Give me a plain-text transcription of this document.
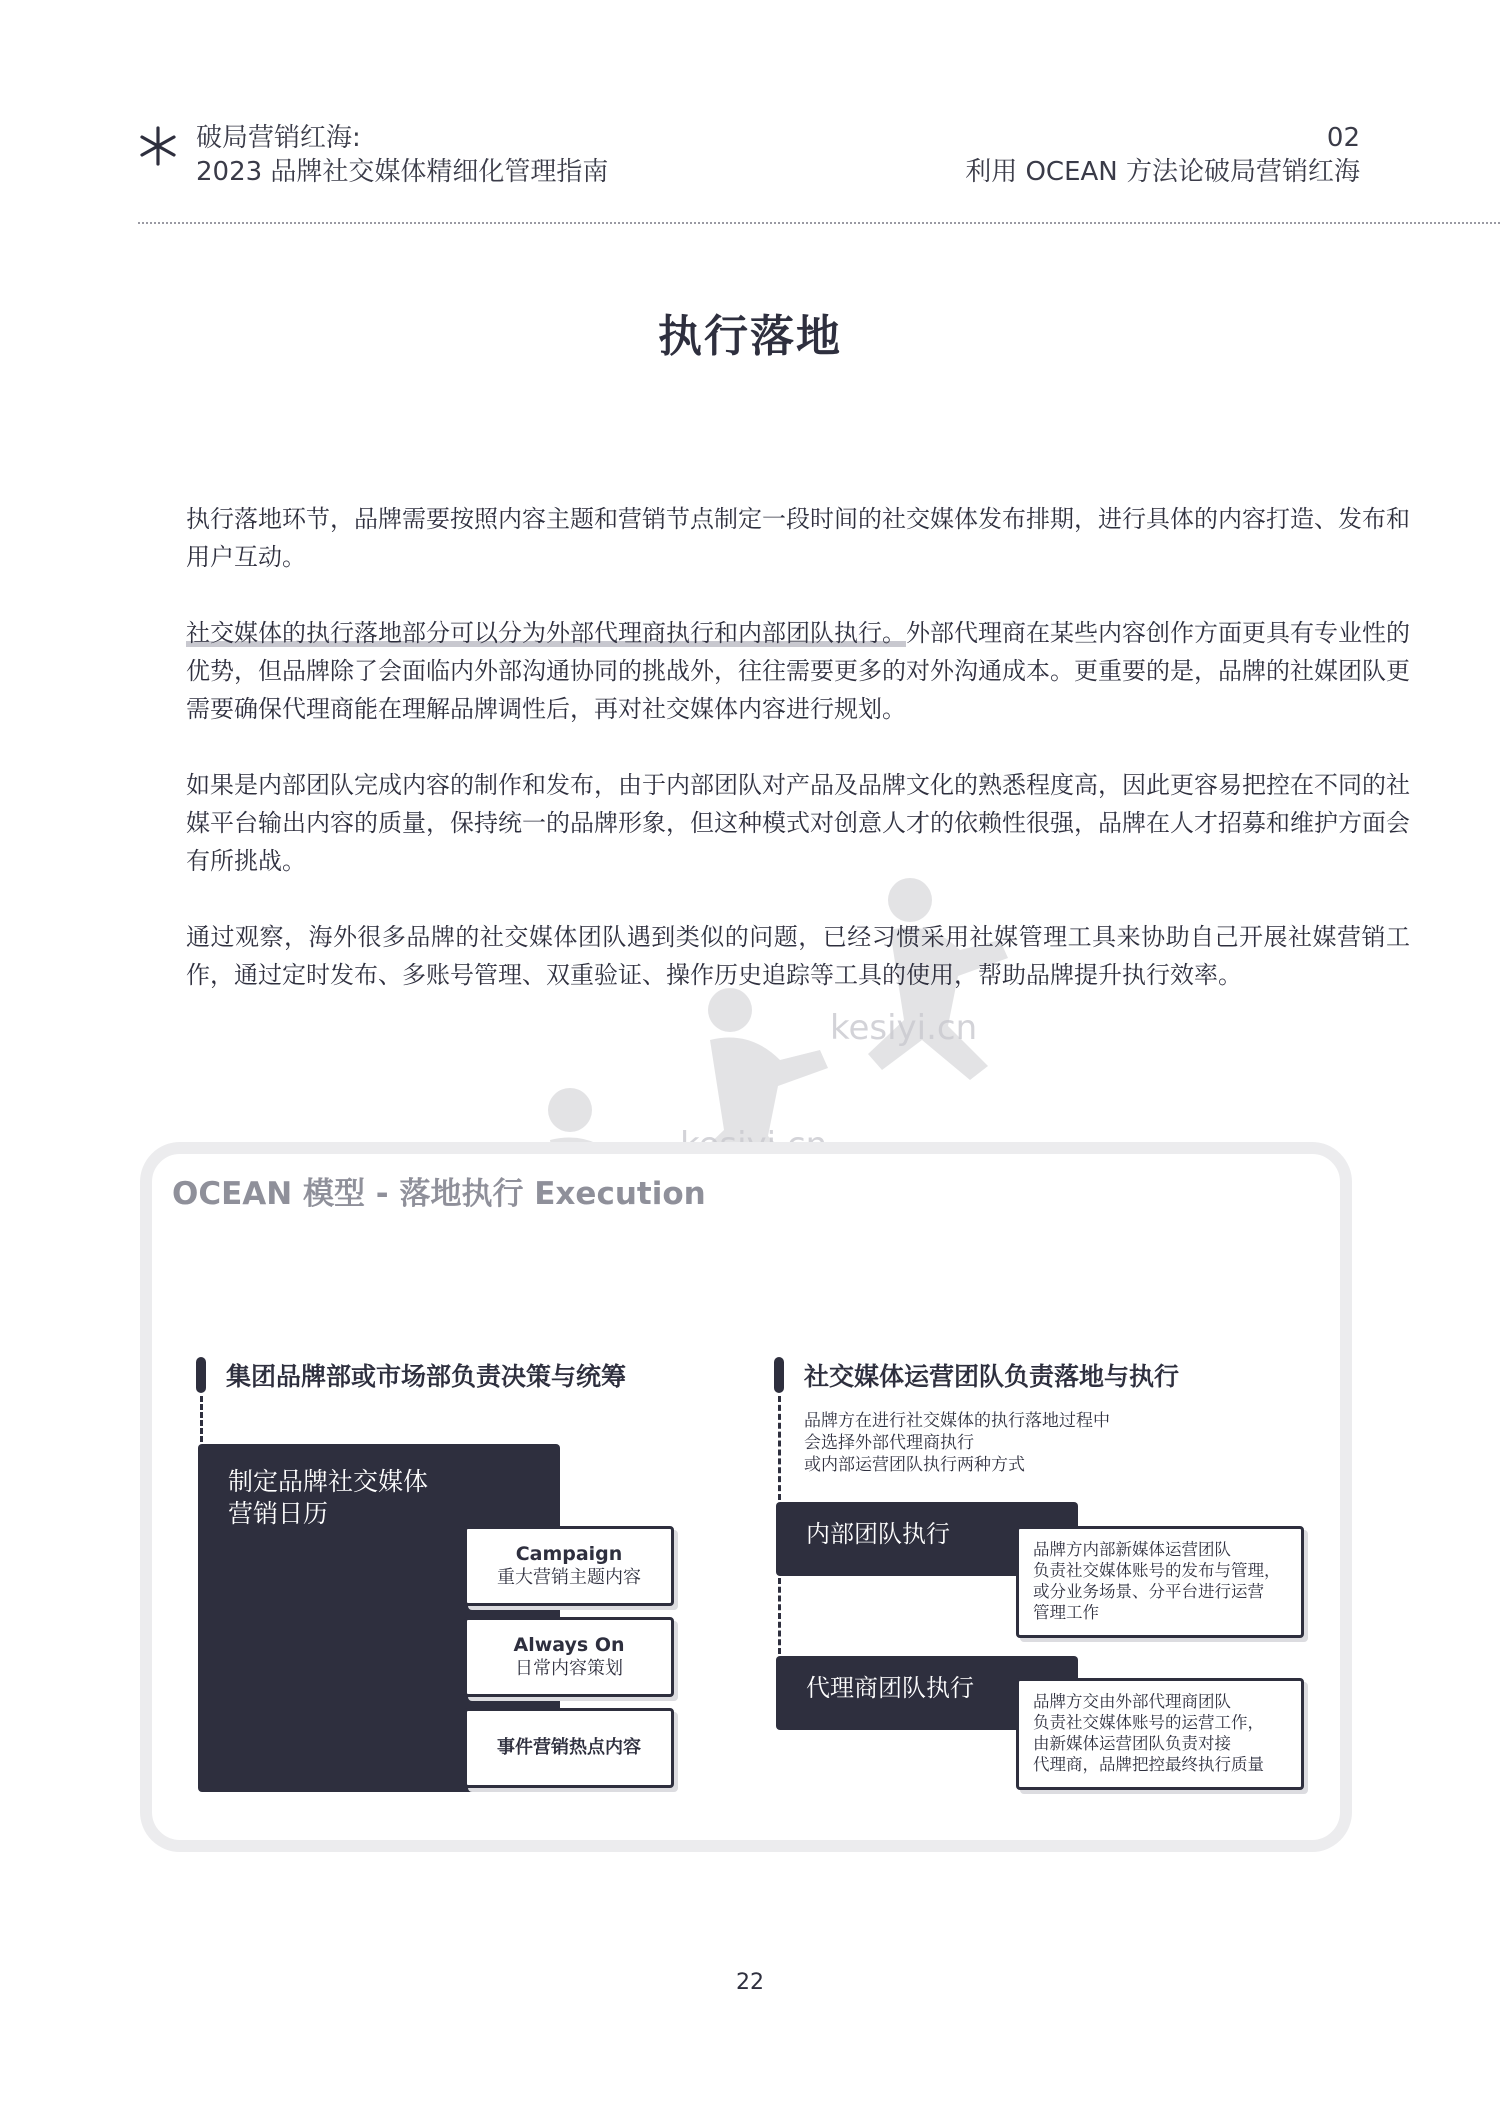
破局营销红海:
2023 品牌社交媒体精细化管理指南
02
利用 OCEAN 方法论破局营销红海
执行落地
执行落地环节，品牌需要按照内容主题和营销节点制定一段时间的社交媒体发布排期，进行具体的内容打造、发布和用户互动。
社交媒体的执行落地部分可以分为外部代理商执行和内部团队执行。外部代理商在某些内容创作方面更具有专业性的优势，但品牌除了会面临内外部沟通协同的挑战外，往往需要更多的对外沟通成本。更重要的是，品牌的社媒团队更需要确保代理商能在理解品牌调性后，再对社交媒体内容进行规划。
如果是内部团队完成内容的制作和发布，由于内部团队对产品及品牌文化的熟悉程度高，因此更容易把控在不同的社媒平台输出内容的质量，保持统一的品牌形象，但这种模式对创意人才的依赖性很强，品牌在人才招募和维护方面会有所挑战。
通过观察，海外很多品牌的社交媒体团队遇到类似的问题，已经习惯采用社媒管理工具来协助自己开展社媒营销工作，通过定时发布、多账号管理、双重验证、操作历史追踪等工具的使用，帮助品牌提升执行效率。
kesiyi.cn
OCEAN 模型 - 落地执行 Execution
集团品牌部或市场部负责决策与统筹
制定品牌社交媒体
营销日历
Campaign
重大营销主题内容
Always On
日常内容策划
事件营销热点内容
社交媒体运营团队负责落地与执行
品牌方在进行社交媒体的执行落地过程中
会选择外部代理商执行
或内部运营团队执行两种方式
内部团队执行
品牌方内部新媒体运营团队
负责社交媒体账号的发布与管理，
或分业务场景、分平台进行运营
管理工作
代理商团队执行	品牌方交由外部代理商团队
负责社交媒体账号的运营工作，
由新媒体运营团队负责对接
代理商，品牌把控最终执行质量
22
